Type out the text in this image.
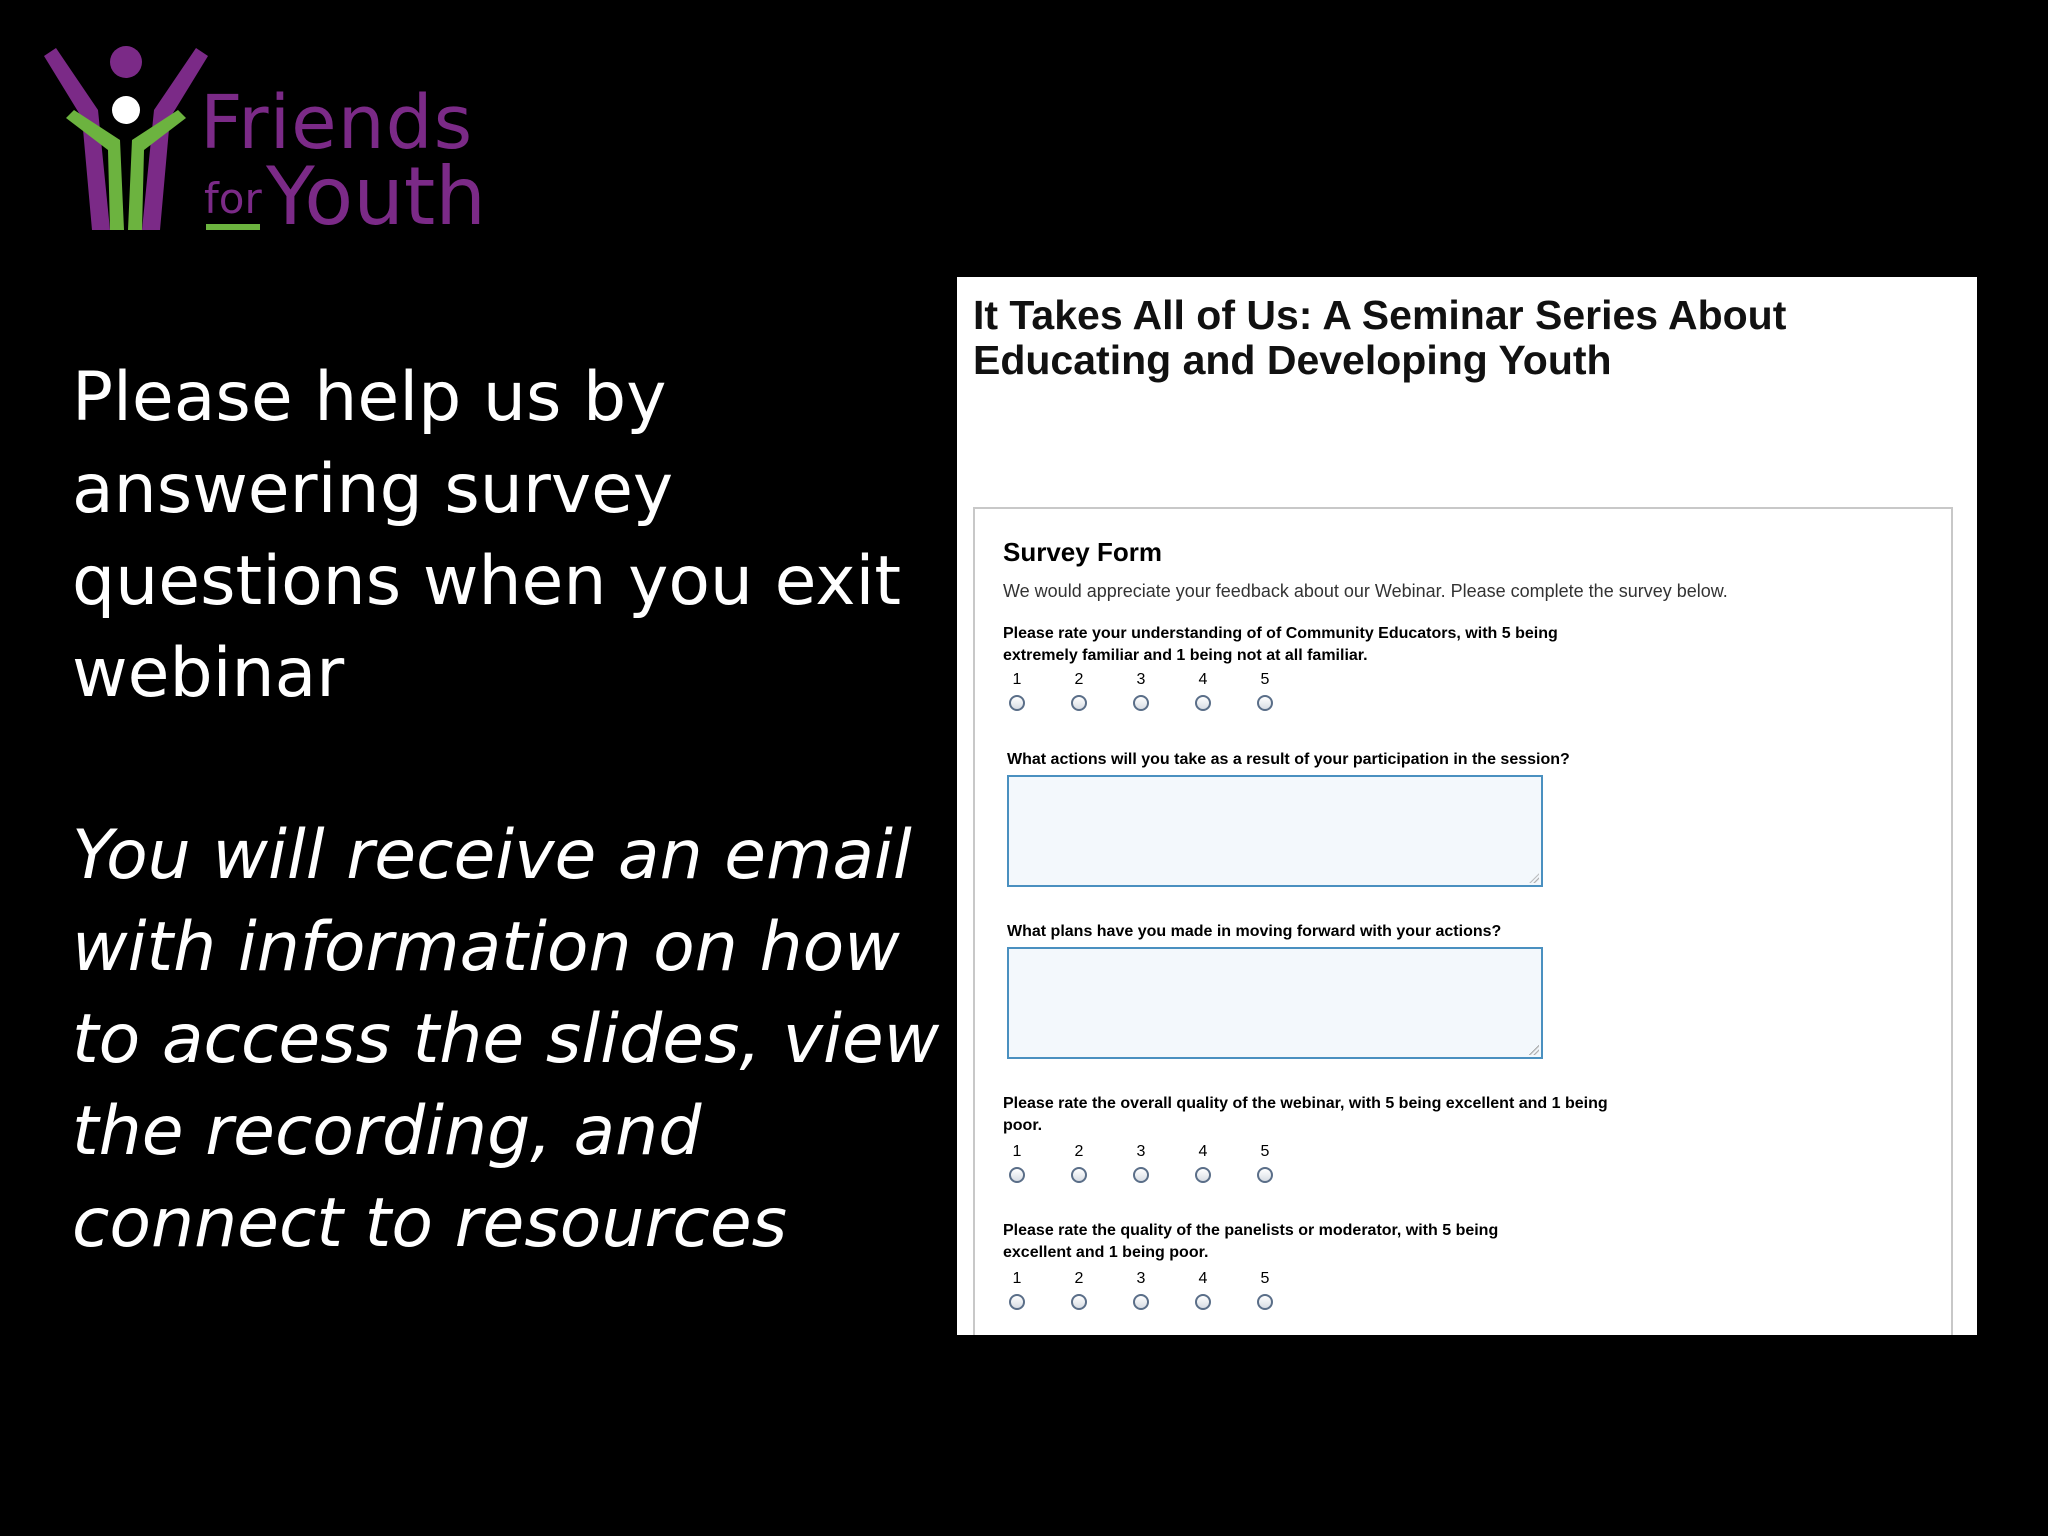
Friends
for Youth
Please help us by answering survey questions when you exit webinar
You will receive an email with information on how to access the slides, view the recording, and connect to resources
It Takes All of Us: A Seminar Series About Educating and Developing Youth
Survey Form
We would appreciate your feedback about our Webinar. Please complete the survey below.
Please rate your understanding of of Community Educators, with 5 being extremely familiar and 1 being not at all familiar.
1	2	3	4	5
What actions will you take as a result of your participation in the session?
What plans have you made in moving forward with your actions?
Please rate the overall quality of the webinar, with 5 being excellent and 1 being poor.
1	2	3	4	5
Please rate the quality of the panelists or moderator, with 5 being excellent and 1 being poor.
1	2	3	4	5
